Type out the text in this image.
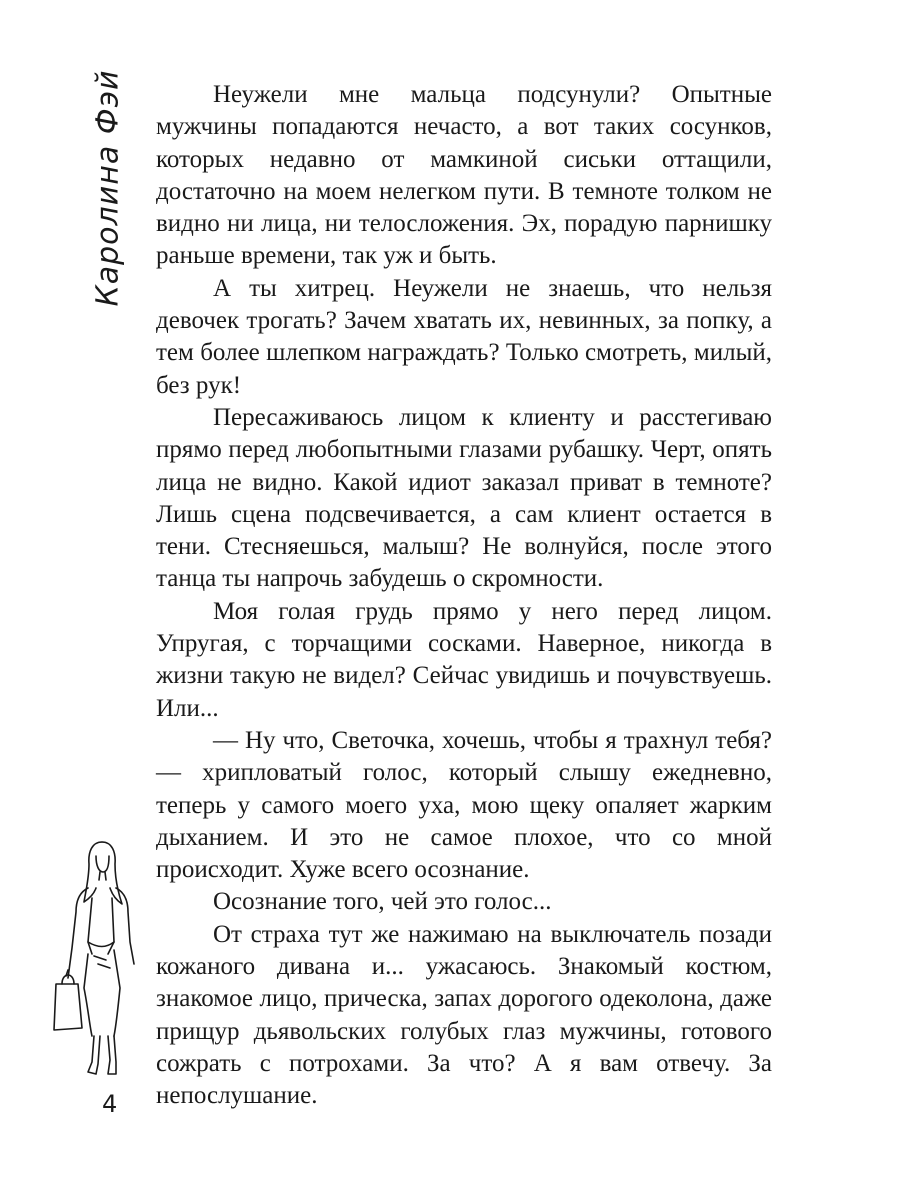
Каролина Фэй	Неужели мне мальца подсунули? Опытные мужчины попадаются нечасто, а вот таких сосунков, которых недавно от мамкиной сиськи оттащили, достаточно на моем нелегком пути. В темноте толком не видно ни лица, ни телосложения. Эх, порадую парнишку раньше времени, так уж и быть.

А ты хитрец. Неужели не знаешь, что нельзя девочек трогать? Зачем хватать их, невинных, за попку, а тем более шлепком награждать? Только смотреть, милый, без рук!

Пересаживаюсь лицом к клиенту и расстегиваю прямо перед любопытными глазами рубашку. Черт, опять лица не видно. Какой идиот заказал приват в темноте? Лишь сцена подсвечивается, а сам клиент остается в тени. Стесняешься, малыш? Не волнуйся, после этого танца ты напрочь забудешь о скромности.

Моя голая грудь прямо у него перед лицом. Упругая, с торчащими сосками. Наверное, никогда в жизни такую не видел? Сейчас увидишь и почувствуешь. Или...

— Ну что, Светочка, хочешь, чтобы я трахнул тебя? — хрипловатый голос, который слышу ежедневно, теперь у самого моего уха, мою щеку опаляет жарким дыханием. И это не самое плохое, что со мной происходит. Хуже всего осознание.

Осознание того, чей это голос...

От страха тут же нажимаю на выключатель позади кожаного дивана и... ужасаюсь. Знакомый костюм, знакомое лицо, прическа, запах дорогого одеколона, даже прищур дьявольских голубых глаз мужчины, готового сожрать с потрохами. За что? А я вам отвечу. За непослушание.

4
